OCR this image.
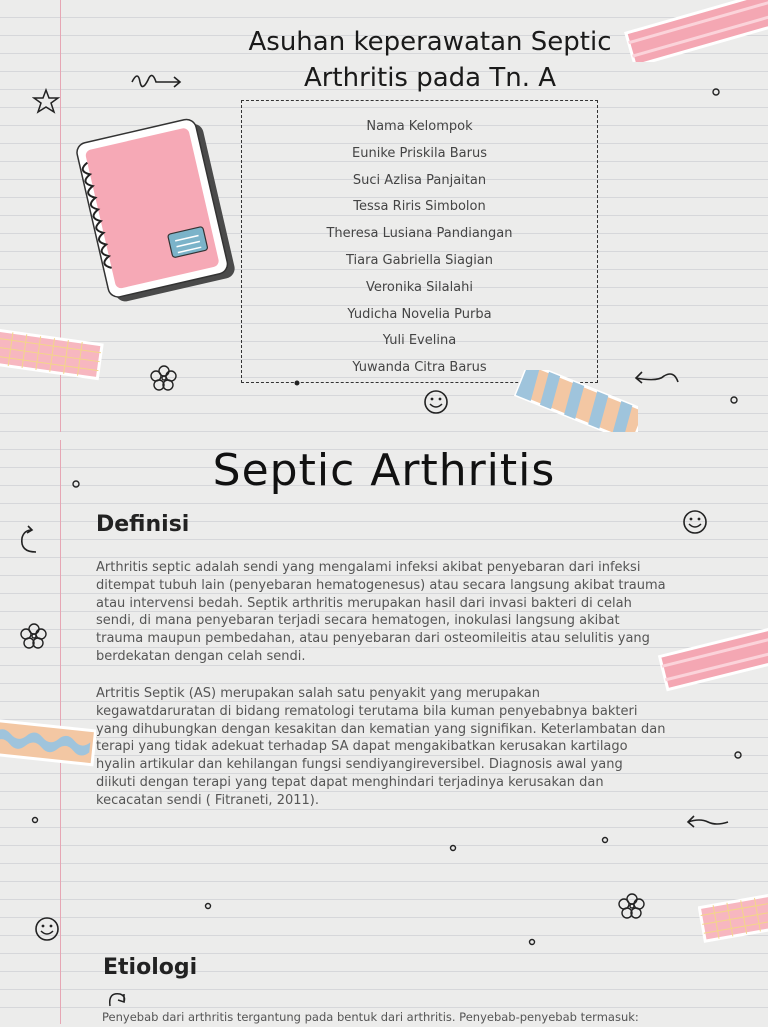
Asuhan keperawatan Septic
Arthritis pada Tn. A
Nama Kelompok
Eunike Priskila Barus
Suci Azlisa Panjaitan
Tessa Riris Simbolon
Theresa Lusiana Pandiangan
Tiara Gabriella Siagian
Veronika Silalahi
Yudicha Novelia Purba
Yuli Evelina
Yuwanda Citra Barus
Septic Arthritis
Definisi
Arthritis septic adalah sendi yang mengalami infeksi akibat penyebaran dari infeksi
ditempat tubuh lain (penyebaran hematogenesus) atau secara langsung akibat trauma
atau intervensi bedah. Septik arthritis merupakan hasil dari invasi bakteri di celah
sendi, di mana penyebaran terjadi secara hematogen, inokulasi langsung akibat
trauma maupun pembedahan, atau penyebaran dari osteomileitis atau selulitis yang
berdekatan dengan celah sendi.
Artritis Septik (AS) merupakan salah satu penyakit yang merupakan
kegawatdaruratan di bidang rematologi terutama bila kuman penyebabnya bakteri
yang dihubungkan dengan kesakitan dan kematian yang signifikan. Keterlambatan dan
terapi yang tidak adekuat terhadap SA dapat mengakibatkan kerusakan kartilago
hyalin artikular dan kehilangan fungsi sendiyangireversibel. Diagnosis awal yang
diikuti dengan terapi yang tepat dapat menghindari terjadinya kerusakan dan
kecacatan sendi ( Fitraneti, 2011).
Etiologi
Penyebab dari arthritis tergantung pada bentuk dari arthritis. Penyebab-penyebab termasuk:
